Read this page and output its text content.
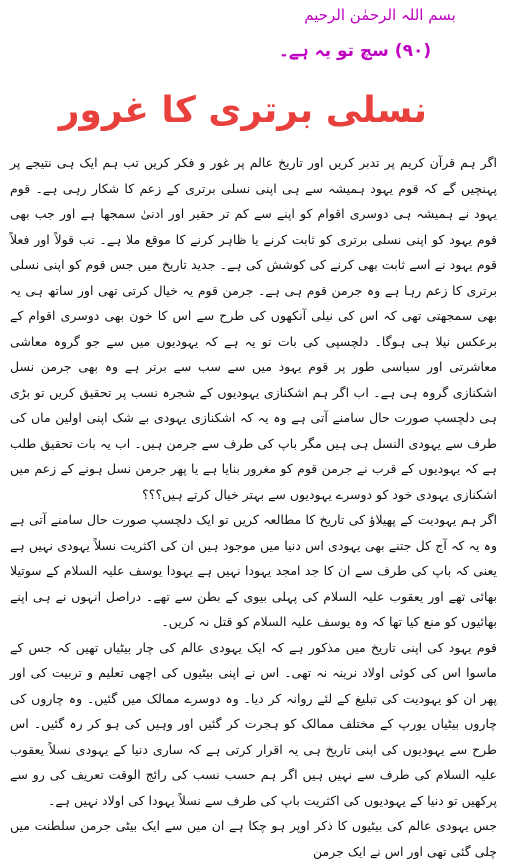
بسم اللہ الرحمٰن الرحیم
(۹۰) سچ تو یہ ہے۔
نسلی برتری کا غرور

اگر ہم قرآن کریم پر تدبر کریں اور تاریخ عالم پر غور و فکر کریں تب ہم ایک ہی نتیجے پر پہنچیں گے کہ قوم یہود ہمیشہ سے ہی اپنی نسلی برتری کے زعم کا شکار رہی ہے۔ قوم یہود نے ہمیشہ ہی دوسری اقوام کو اپنے سے کم تر حقیر اور ادنیٰ سمجھا ہے اور جب بھی قوم یہود کو اپنی نسلی برتری کو ثابت کرنے یا ظاہر کرنے کا موقع ملا ہے۔ تب قولاً اور فعلاً قوم یہود نے اسے ثابت بھی کرنے کی کوشش کی ہے۔ جدید تاریخ میں جس قوم کو اپنی نسلی برتری کا زعم رہا ہے وہ جرمن قوم ہی ہے۔ جرمن قوم یہ خیال کرتی تھی اور ساتھ ہی یہ بھی سمجھتی تھی کہ اس کی نیلی آنکھوں کی طرح سے اس کا خون بھی دوسری اقوام کے برعکس نیلا ہی ہوگا۔ دلچسپی کی بات تو یہ ہے کہ یہودیوں میں سے جو گروہ معاشی معاشرتی اور سیاسی طور پر قوم یہود میں سے سب سے برتر ہے وہ بھی جرمن نسل اشکنازی گروہ ہی ہے۔ اب اگر ہم اشکنازی یہودیوں کے شجرہ نسب پر تحقیق کریں تو بڑی ہی دلچسپ صورت حال سامنے آتی ہے وہ یہ کہ اشکنازی یہودی بے شک اپنی اولین ماں کی طرف سے یہودی النسل ہی ہیں مگر باپ کی طرف سے جرمن ہیں۔ اب یہ بات تحقیق طلب ہے کہ یہودیوں کے قرب نے جرمن قوم کو مغرور بنایا ہے یا پھر جرمن نسل ہونے کے زعم میں اشکنازی یہودی خود کو دوسرے یہودیوں سے بہتر خیال کرتے ہیں؟؟؟

اگر ہم یہودیت کے پھیلاؤ کی تاریخ کا مطالعہ کریں تو ایک دلچسپ صورت حال سامنے آتی ہے وہ یہ کہ آج کل جتنے بھی یہودی اس دنیا میں موجود ہیں ان کی اکثریت نسلاً یہودی نہیں ہے یعنی کہ باپ کی طرف سے ان کا جد امجد یہودا نہیں ہے یہودا یوسف علیہ السلام کے سوتیلا بھائی تھے اور یعقوب علیہ السلام کی پہلی بیوی کے بطن سے تھے۔ دراصل انہوں نے ہی اپنے بھائیوں کو منع کیا تھا کہ وہ یوسف علیہ السلام کو قتل نہ کریں۔

قوم یہود کی اپنی تاریخ میں مذکور ہے کہ ایک یہودی عالم کی چار بیٹیاں تھیں کہ جس کے ماسوا اس کی کوئی اولاد نرینہ نہ تھی۔ اس نے اپنی بیٹیوں کی اچھی تعلیم و تربیت کی اور پھر ان کو یہودیت کی تبلیغ کے لئے روانہ کر دیا۔ وہ دوسرے ممالک میں گئیں۔ وہ چاروں کی چاروں بیٹیاں یورپ کے مختلف ممالک کو ہجرت کر گئیں اور وہیں کی ہو کر رہ گئیں۔ اس طرح سے یہودیوں کی اپنی تاریخ ہی یہ اقرار کرتی ہے کہ ساری دنیا کے یہودی نسلاً یعقوب علیہ السلام کی طرف سے نہیں ہیں اگر ہم حسب نسب کی رائج الوقت تعریف کی رو سے پرکھیں تو دنیا کے یہودیوں کی اکثریت باپ کی طرف سے نسلاً یہودا کی اولاد نہیں ہے۔

جس یہودی عالم کی بیٹیوں کا ذکر اوپر ہو چکا ہے ان میں سے ایک بیٹی جرمن سلطنت میں چلی گئی تھی اور اس نے ایک جرمن
